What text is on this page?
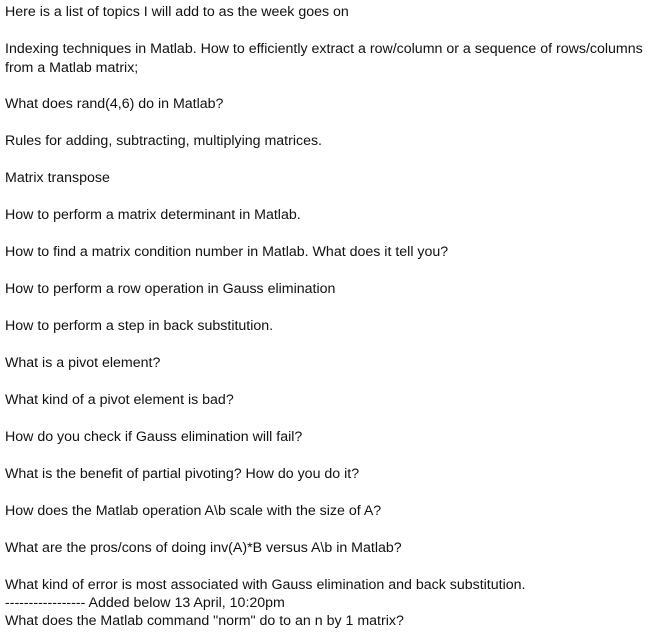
Here is a list of topics I will add to as the week goes on
Indexing techniques in Matlab. How to efficiently extract a row/column or a sequence of rows/columns from a Matlab matrix;
What does rand(4,6) do in Matlab?
Rules for adding, subtracting, multiplying matrices.
Matrix transpose
How to perform a matrix determinant in Matlab.
How to find a matrix condition number in Matlab. What does it tell you?
How to perform a row operation in Gauss elimination
How to perform a step in back substitution.
What is a pivot element?
What kind of a pivot element is bad?
How do you check if Gauss elimination will fail?
What is the benefit of partial pivoting? How do you do it?
How does the Matlab operation A\b scale with the size of A?
What are the pros/cons of doing inv(A)*B versus A\b in Matlab?
What kind of error is most associated with Gauss elimination and back substitution.
----------------- Added below 13 April, 10:20pm
What does the Matlab command "norm" do to an n by 1 matrix?
